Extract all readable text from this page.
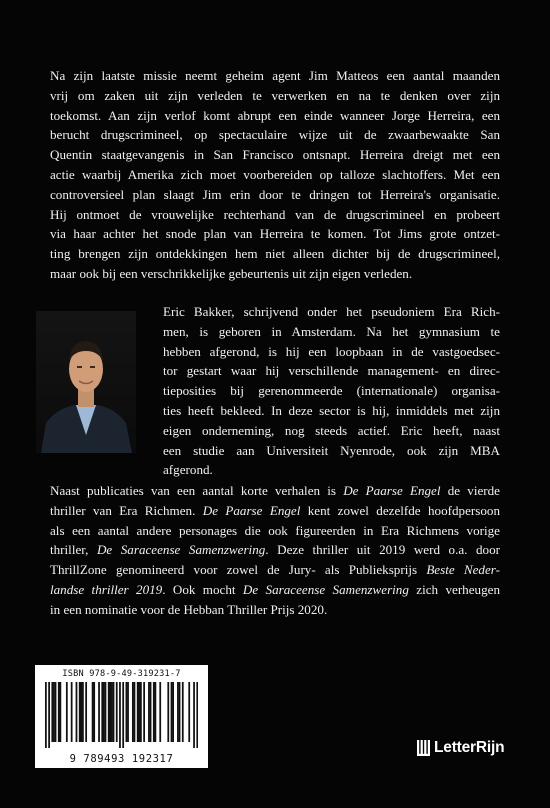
Na zijn laatste missie neemt geheim agent Jim Matteos een aantal maanden
vrij om zaken uit zijn verleden te verwerken en na te denken over zijn
toekomst. Aan zijn verlof komt abrupt een einde wanneer Jorge Herreira, een
berucht drugscrimineel, op spectaculaire wijze uit de zwaarbewaakte San
Quentin staatgevangenis in San Francisco ontsnapt. Herreira dreigt met een
actie waarbij Amerika zich moet voorbereiden op talloze slachtoffers. Met een
controversieel plan slaagt Jim erin door te dringen tot Herreira's organisatie.
Hij ontmoet de vrouwelijke rechterhand van de drugscrimineel en probeert
via haar achter het snode plan van Herreira te komen. Tot Jims grote ontzet-
ting brengen zijn ontdekkingen hem niet alleen dichter bij de drugscrimineel,
maar ook bij een verschrikkelijke gebeurtenis uit zijn eigen verleden.
Eric Bakker, schrijvend onder het pseudoniem Era Rich-
men, is geboren in Amsterdam. Na het gymnasium te
hebben afgerond, is hij een loopbaan in de vastgoedsec-
tor gestart waar hij verschillende management- en direc-
tieposities bij gerenommeerde (internationale) organisa-
ties heeft bekleed. In deze sector is hij, inmiddels met zijn
eigen onderneming, nog steeds actief. Eric heeft, naast
een studie aan Universiteit Nyenrode, ook zijn MBA
afgerond.
Naast publicaties van een aantal korte verhalen is De Paarse Engel de vierde
thriller van Era Richmen. De Paarse Engel kent zowel dezelfde hoofdpersoon
als een aantal andere personages die ook figureerden in Era Richmens vorige
thriller, De Saraceense Samenzwering. Deze thriller uit 2019 werd o.a. door
ThrillZone genomineerd voor zowel de Jury- als Publieksprijs Beste Neder-
landse thriller 2019. Ook mocht De Saraceense Samenzwering zich verheugen
in een nominatie voor de Hebban Thriller Prijs 2020.
ISBN 978-9-49-319231-7
9 789493 192317
LetterRijn
